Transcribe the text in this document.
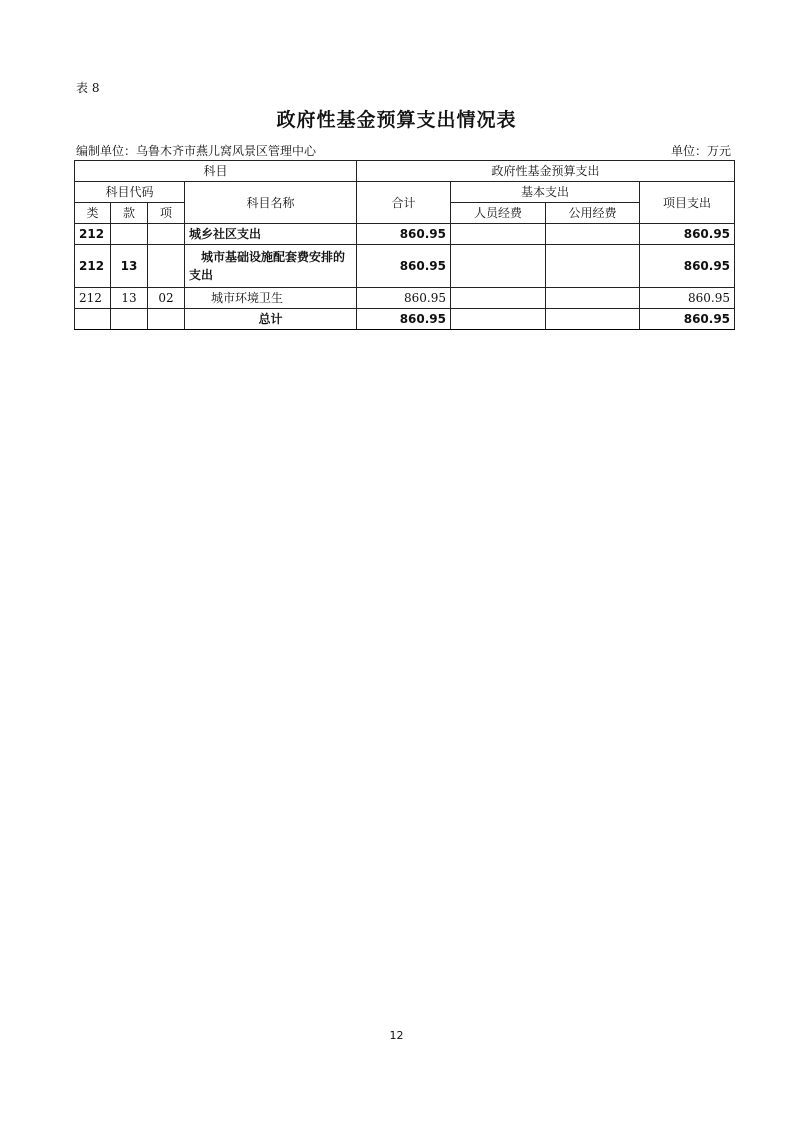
表 8
政府性基金预算支出情况表
编制单位：乌鲁木齐市燕儿窝风景区管理中心	单位：万元
科目				政府性基金预算支出			
科目代码			科目名称	合计	基本支出		项目支出
类	款	项			人员经费	公用经费	
212			城乡社区支出	860.95			860.95
212	13		城市基础设施配套费安排的支出	860.95			860.95
212	13	02	城市环境卫生	860.95			860.95
			总计	860.95			860.95
12
